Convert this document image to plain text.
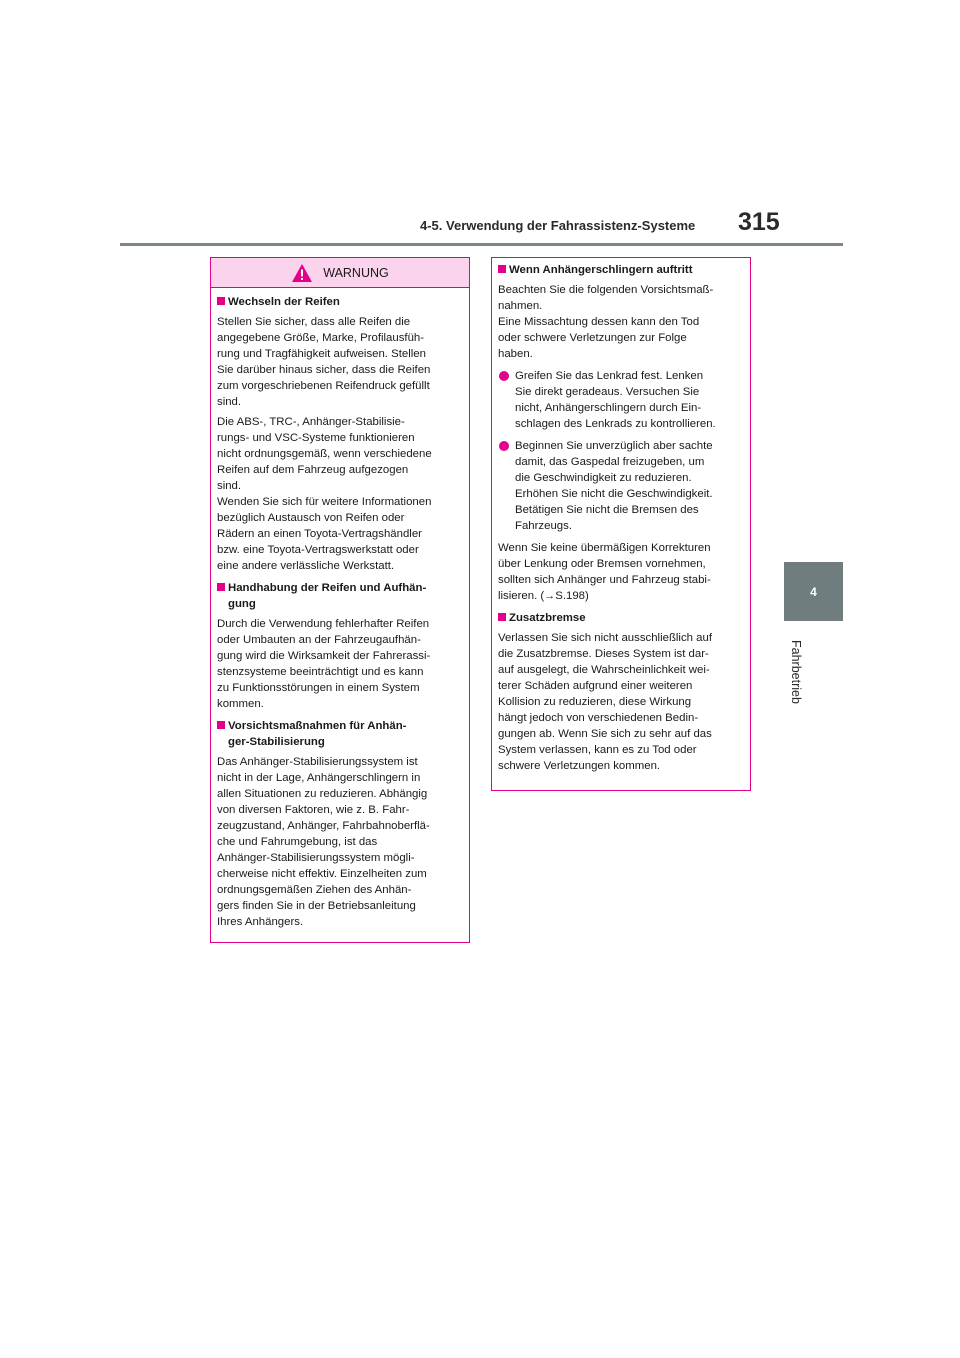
4-5. Verwendung der Fahrassistenz-Systeme 315
4
Fahrbetrieb
WARNUNG

Wechseln der Reifen

Stellen Sie sicher, dass alle Reifen die
angegebene Größe, Marke, Profilausfüh-
rung und Tragfähigkeit aufweisen. Stellen
Sie darüber hinaus sicher, dass die Reifen
zum vorgeschriebenen Reifendruck gefüllt
sind.

Die ABS-, TRC-, Anhänger-Stabilisie-
rungs- und VSC-Systeme funktionieren
nicht ordnungsgemäß, wenn verschiedene
Reifen auf dem Fahrzeug aufgezogen
sind.
Wenden Sie sich für weitere Informationen
bezüglich Austausch von Reifen oder
Rädern an einen Toyota-Vertragshändler
bzw. eine Toyota-Vertragswerkstatt oder
eine andere verlässliche Werkstatt.

Handhabung der Reifen und Aufhän-
gung

Durch die Verwendung fehlerhafter Reifen
oder Umbauten an der Fahrzeugaufhän-
gung wird die Wirksamkeit der Fahrerassi-
stenzsysteme beeinträchtigt und es kann
zu Funktionsstörungen in einem System
kommen.

Vorsichtsmaßnahmen für Anhän-
ger-Stabilisierung

Das Anhänger-Stabilisierungssystem ist
nicht in der Lage, Anhängerschlingern in
allen Situationen zu reduzieren. Abhängig
von diversen Faktoren, wie z. B. Fahr-
zeugzustand, Anhänger, Fahrbahnoberflä-
che und Fahrumgebung, ist das
Anhänger-Stabilisierungssystem mögli-
cherweise nicht effektiv. Einzelheiten zum
ordnungsgemäßen Ziehen des Anhän-
gers finden Sie in der Betriebsanleitung
Ihres Anhängers.

Wenn Anhängerschlingern auftritt

Beachten Sie die folgenden Vorsichtsmaß-
nahmen.
Eine Missachtung dessen kann den Tod
oder schwere Verletzungen zur Folge
haben.

Greifen Sie das Lenkrad fest. Lenken
Sie direkt geradeaus. Versuchen Sie
nicht, Anhängerschlingern durch Ein-
schlagen des Lenkrads zu kontrollieren.

Beginnen Sie unverzüglich aber sachte
damit, das Gaspedal freizugeben, um
die Geschwindigkeit zu reduzieren.
Erhöhen Sie nicht die Geschwindigkeit.
Betätigen Sie nicht die Bremsen des
Fahrzeugs.

Wenn Sie keine übermäßigen Korrekturen
über Lenkung oder Bremsen vornehmen,
sollten sich Anhänger und Fahrzeug stabi-
lisieren. (→S.198)

Zusatzbremse

Verlassen Sie sich nicht ausschließlich auf
die Zusatzbremse. Dieses System ist dar-
auf ausgelegt, die Wahrscheinlichkeit wei-
terer Schäden aufgrund einer weiteren
Kollision zu reduzieren, diese Wirkung
hängt jedoch von verschiedenen Bedin-
gungen ab. Wenn Sie sich zu sehr auf das
System verlassen, kann es zu Tod oder
schwere Verletzungen kommen.
